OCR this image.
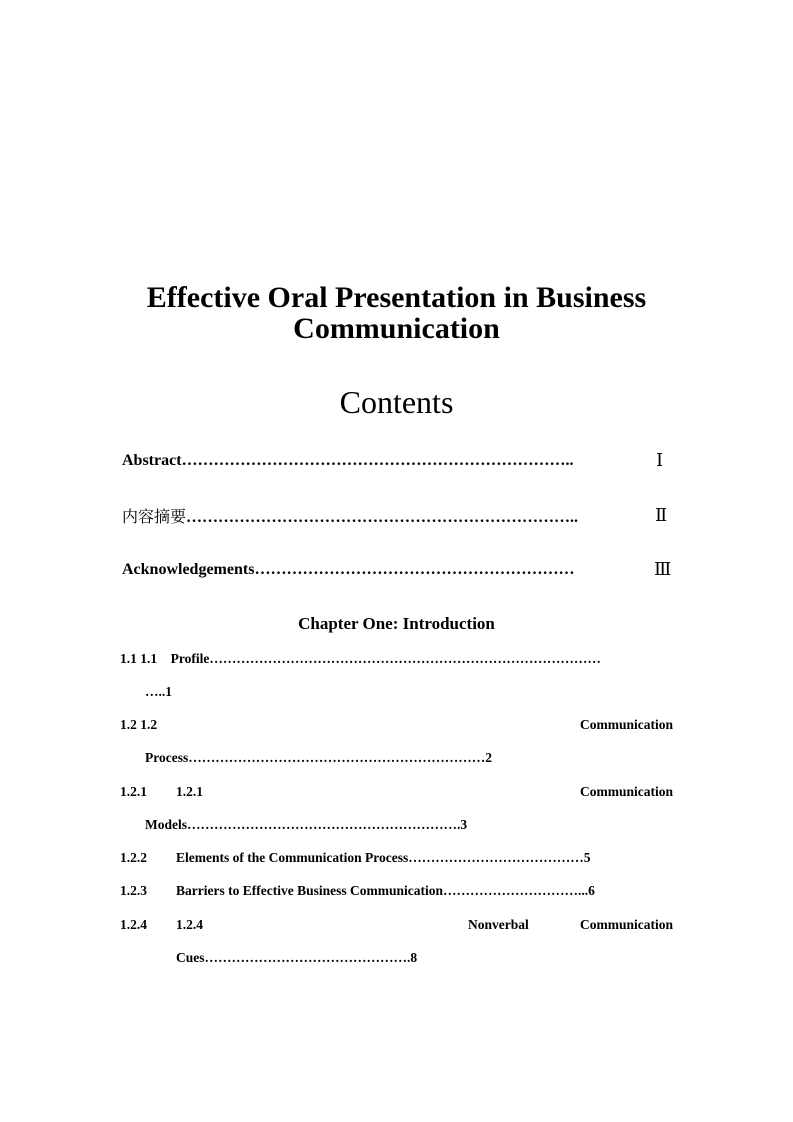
Effective Oral Presentation in Business
Communication
Contents
Abstract………………………………………………………………..	Ⅰ
内容摘要………………………………………………………………..	Ⅱ
Acknowledgements……………………………………………………	Ⅲ
Chapter One: Introduction
1.1 1.1 Profile……………………………………………………………………………
…..1
1.2 1.2	Communication
Process…………………………………………………………2
1.2.1 1.2.1	Communication
Models…………………………………………………….3
1.2.2 Elements of the Communication Process…………………………………5
1.2.3 Barriers to Effective Business Communication…………………………...6
1.2.4 1.2.4	Nonverbal	Communication
Cues……………………………………….8
